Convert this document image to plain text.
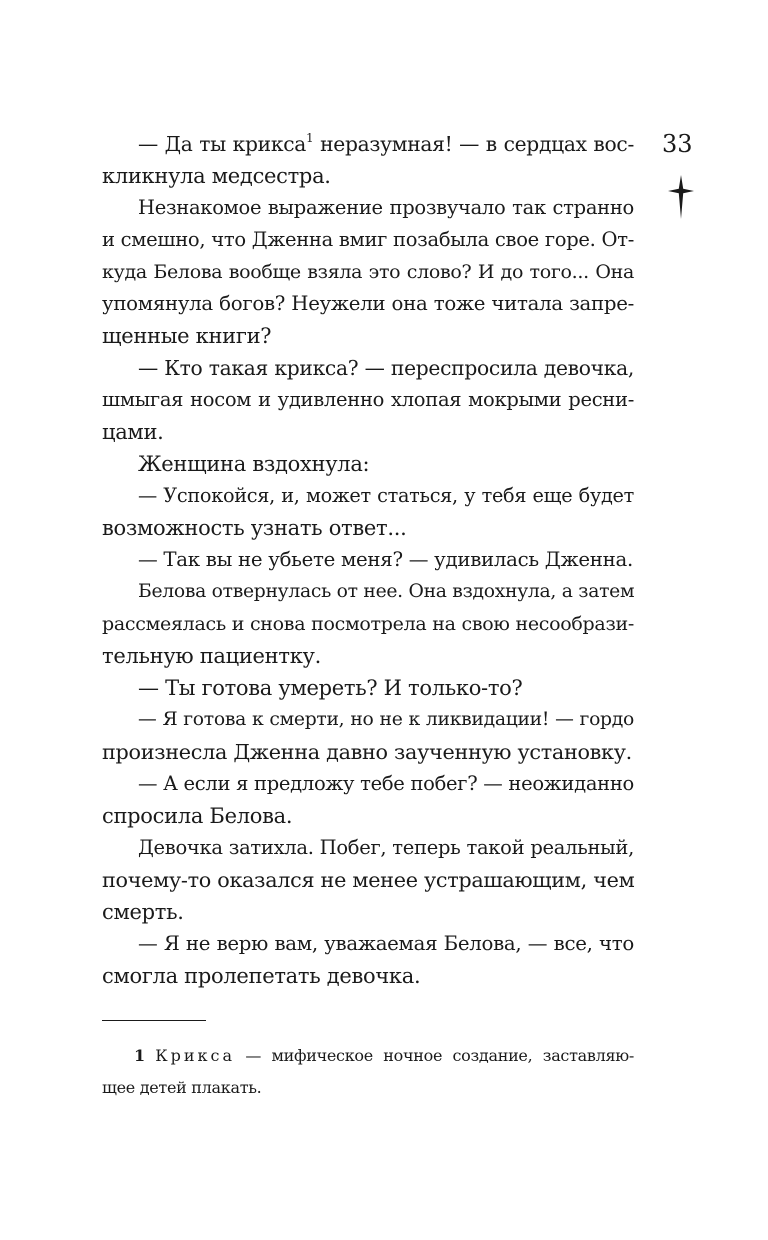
33
— Да ты крикса$^1$ неразумная! — в сердцах вос-
кликнула медсестра.
Незнакомое выражение прозвучало так странно
и смешно, что Дженна вмиг позабыла свое горе. От-
куда Белова вообще взяла это слово? И до того... Она
упомянула богов? Неужели она тоже читала запре-
щенные книги?
— Кто такая крикса? — переспросила девочка,
шмыгая носом и удивленно хлопая мокрыми ресни-
цами.
Женщина вздохнула:
— Успокойся, и, может статься, у тебя еще будет
возможность узнать ответ...
— Так вы не убьете меня? — удивилась Дженна.
Белова отвернулась от нее. Она вздохнула, а затем
рассмеялась и снова посмотрела на свою несообрази-
тельную пациентку.
— Ты готова умереть? И только-то?
— Я готова к смерти, но не к ликвидации! — гордо
произнесла Дженна давно заученную установку.
— А если я предложу тебе побег? — неожиданно
спросила Белова.
Девочка затихла. Побег, теперь такой реальный,
почему-то оказался не менее устрашающим, чем
смерть.
— Я не верю вам, уважаемая Белова, — все, что
смогла пролепетать девочка.
1 Крикса — мифическое ночное создание, заставляю-
щее детей плакать.
